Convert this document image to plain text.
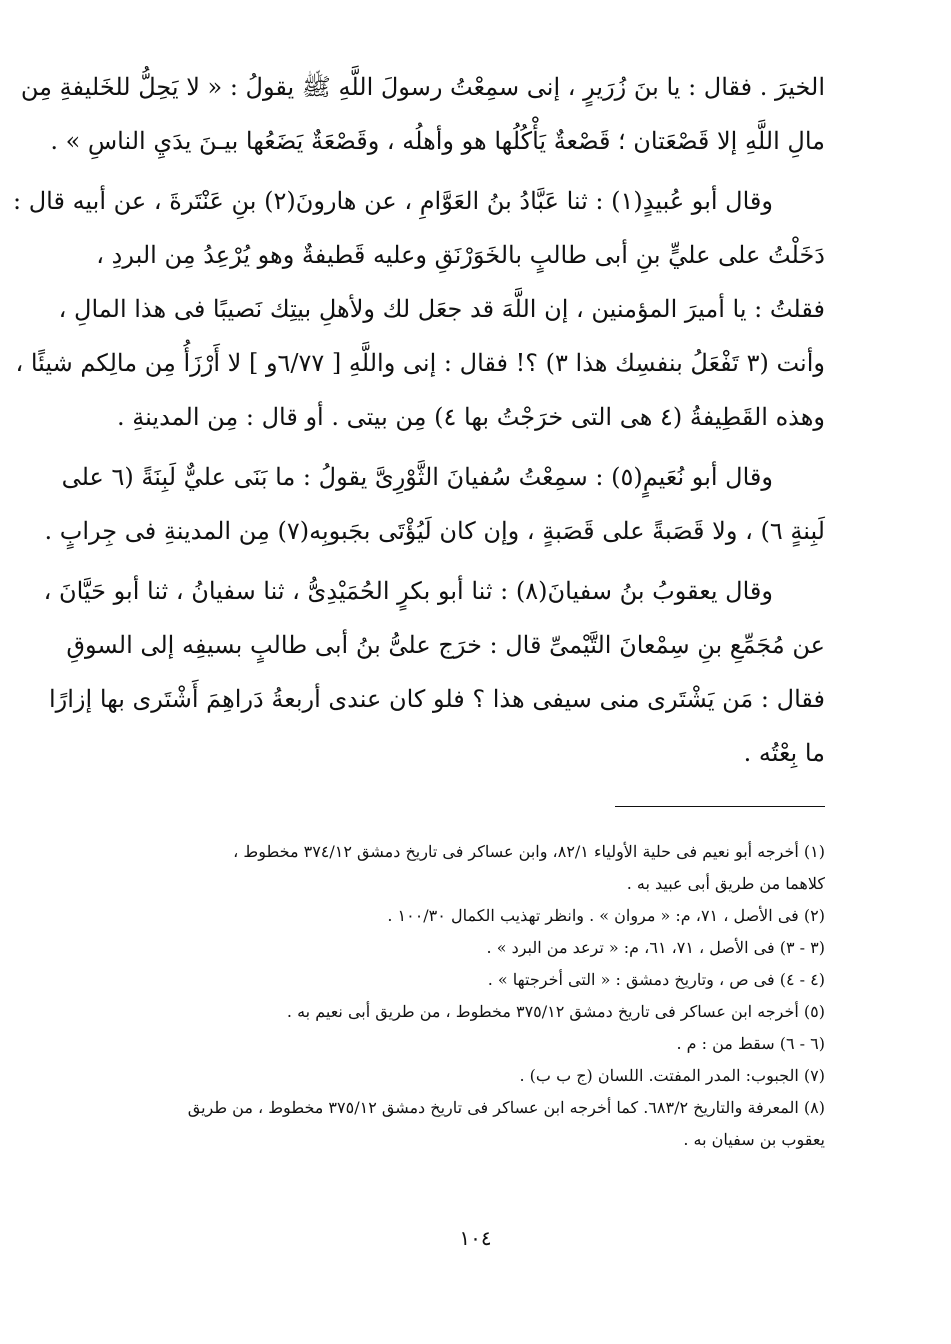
الخيرَ . فقال : يا بنَ زُرَيرٍ ، إنى سمِعْتُ رسولَ اللَّهِ ﷺ يقولُ : « لا يَحِلُّ للخَليفةِ مِن
مالِ اللَّهِ إلا قَصْعَتان ؛ قَصْعةٌ يَأْكُلُها هو وأهلُه ، وقَصْعَةٌ يَضَعُها بيـنَ يدَيِ الناسِ » .
وقال أبو عُبيدٍ(١) : ثنا عَبَّادُ بنُ العَوَّامِ ، عن هارونَ(٢) بنِ عَنْتَرةَ ، عن أبيه قال :
دَخَلْتُ على عليٍّ بنِ أبى طالبٍ بالخَوَرْنَقِ وعليه قَطيفةٌ وهو يُرْعِدُ مِن البردِ ،
فقلتُ : يا أميرَ المؤمنين ، إن اللَّهَ قد جعَل لك ولأهلِ بيتِك نَصيبًا فى هذا المالِ ،
وأنت (٣ تَفْعَلُ بنفسِك هذا ٣) ؟! فقال : إنى واللَّهِ [ ٦/٧٧و ] لا أَرْزَأُ مِن مالِكم شيئًا ،
وهذه القَطِيفةُ (٤ هى التى خرَجْتُ بها ٤) مِن بيتى . أو قال : مِن المدينةِ .
وقال أبو نُعَيمٍ(٥) : سمِعْتُ سُفيانَ الثَّوْرِىَّ يقولُ : ما بَنَى عليٌّ لَبِنَةً (٦ على
لَبِنةٍ ٦) ، ولا قَصَبةً على قَصَبةٍ ، وإن كان لَيُؤْتَى بجَبوبِه(٧) مِن المدينةِ فى جِرابٍ .
وقال يعقوبُ بنُ سفيانَ(٨) : ثنا أبو بكرٍ الحُمَيْدِىُّ ، ثنا سفيانُ ، ثنا أبو حَيَّانَ ،
عن مُجَمِّعِ بنِ سِمْعانَ التَّيْمىِّ قال : خرَج علىُّ بنُ أبى طالبٍ بسيفِه إلى السوقِ
فقال : مَن يَشْتَرى منى سيفى هذا ؟ فلو كان عندى أربعةُ دَراهِمَ أَشْتَرى بها إزارًا
ما بِعْتُه .
(١) أخرجه أبو نعيم فى حلية الأولياء ٨٢/١، وابن عساكر فى تاريخ دمشق ٣٧٤/١٢ مخطوط ،
كلاهما من طريق أبى عبيد به .
(٢) فى الأصل ، ٧١، م: « مروان » . وانظر تهذيب الكمال ١٠٠/٣٠ .
(٣ - ٣) فى الأصل ، ٧١، ٦١، م: « ترعد من البرد » .
(٤ - ٤) فى ص ، وتاريخ دمشق : « التى أخرجتها » .
(٥) أخرجه ابن عساكر فى تاريخ دمشق ٣٧٥/١٢ مخطوط ، من طريق أبى نعيم به .
(٦ - ٦) سقط من : م .
(٧) الجبوب: المدر المفتت. اللسان (ج ب ب) .
(٨) المعرفة والتاريخ ٦٨٣/٢. كما أخرجه ابن عساكر فى تاريخ دمشق ٣٧٥/١٢ مخطوط ، من طريق
يعقوب بن سفيان به .
١٠٤
